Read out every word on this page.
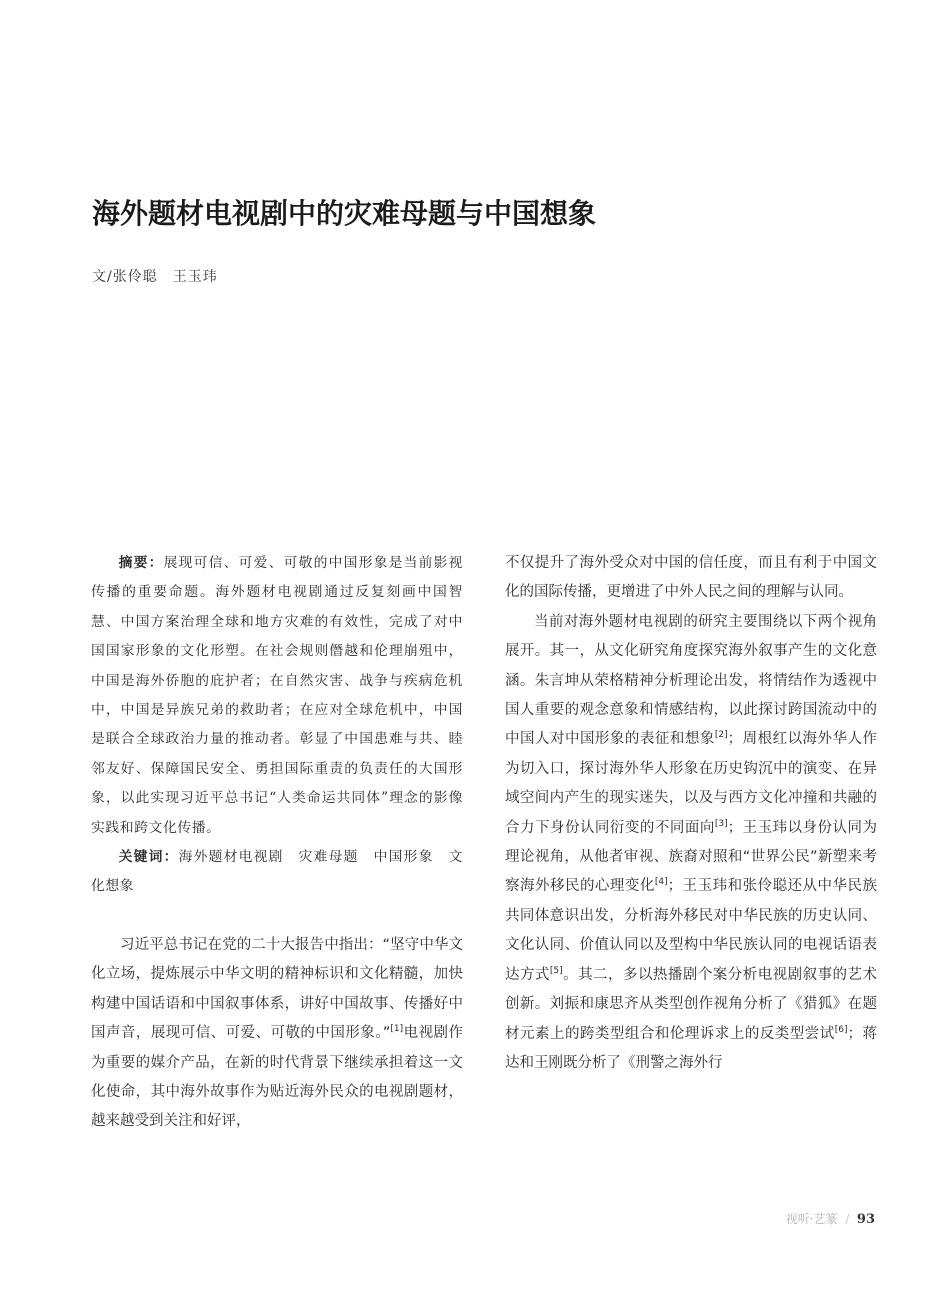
海外题材电视剧中的灾难母题与中国想象
文/张伶聪　王玉玮

摘要：展现可信、可爱、可敬的中国形象是当前影视传播的重要命题。海外题材电视剧通过反复刻画中国智慧、中国方案治理全球和地方灾难的有效性，完成了对中国国家形象的文化形塑。在社会规则僭越和伦理崩殂中，中国是海外侨胞的庇护者；在自然灾害、战争与疾病危机中，中国是异族兄弟的救助者；在应对全球危机中，中国是联合全球政治力量的推动者。彰显了中国患难与共、睦邻友好、保障国民安全、勇担国际重责的负责任的大国形象，以此实现习近平总书记“人类命运共同体”理念的影像实践和跨文化传播。

关键词：海外题材电视剧　灾难母题　中国形象　文化想象

习近平总书记在党的二十大报告中指出：“坚守中华文化立场，提炼展示中华文明的精神标识和文化精髓，加快构建中国话语和中国叙事体系，讲好中国故事、传播好中国声音，展现可信、可爱、可敬的中国形象。”[1]电视剧作为重要的媒介产品，在新的时代背景下继续承担着这一文化使命，其中海外故事作为贴近海外民众的电视剧题材，越来越受到关注和好评，

不仅提升了海外受众对中国的信任度，而且有利于中国文化的国际传播，更增进了中外人民之间的理解与认同。

当前对海外题材电视剧的研究主要围绕以下两个视角展开。其一，从文化研究角度探究海外叙事产生的文化意涵。朱言坤从荣格精神分析理论出发，将情结作为透视中国人重要的观念意象和情感结构，以此探讨跨国流动中的中国人对中国形象的表征和想象[2]；周根红以海外华人作为切入口，探讨海外华人形象在历史钩沉中的演变、在异域空间内产生的现实迷失，以及与西方文化冲撞和共融的合力下身份认同衍变的不同面向[3]；王玉玮以身份认同为理论视角，从他者审视、族裔对照和“世界公民”新塑来考察海外移民的心理变化[4]；王玉玮和张伶聪还从中华民族共同体意识出发，分析海外移民对中华民族的历史认同、文化认同、价值认同以及型构中华民族认同的电视话语表达方式[5]。其二，多以热播剧个案分析电视剧叙事的艺术创新。刘振和康思齐从类型创作视角分析了《猎狐》在题材元素上的跨类型组合和伦理诉求上的反类型尝试[6]；蒋达和王刚既分析了《刑警之海外行

视听·艺篆 / 93
